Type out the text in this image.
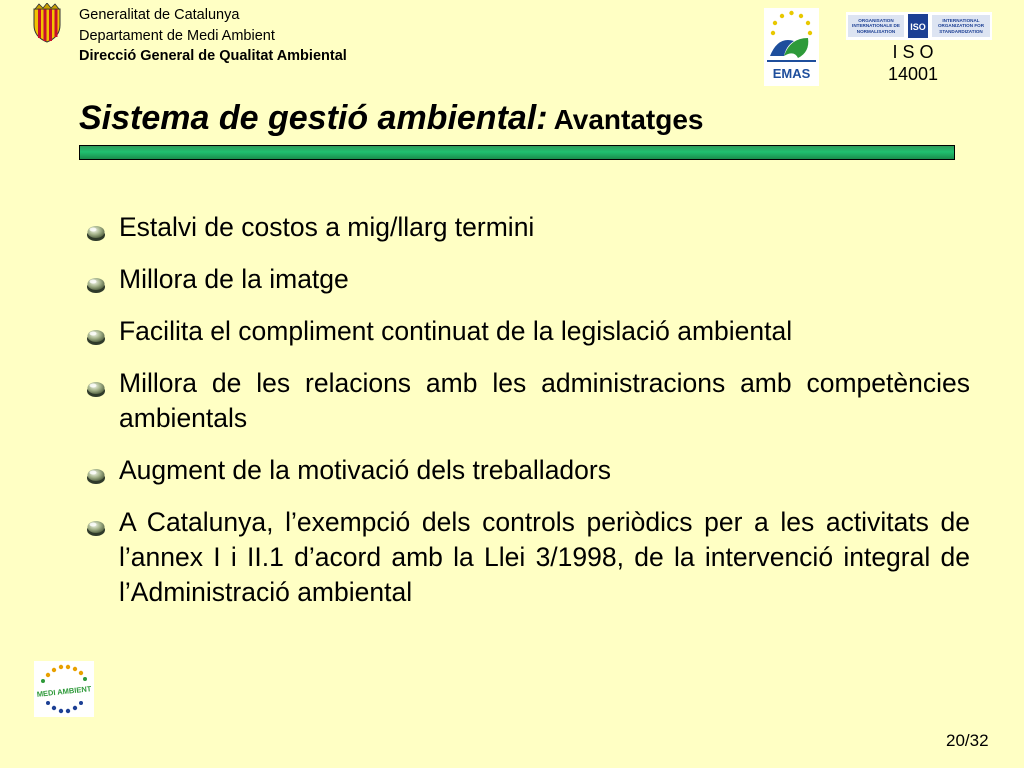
Generalitat de Catalunya
Departament de Medi Ambient
Direcció General de Qualitat Ambiental
EMAS
ORGANISATION INTERNATIONALE DE NORMALISATION	ISO
INTERNATIONAL ORGANIZATION FOR STANDARDIZATION
I S O
14001
Sistema de gestió ambiental: Avantatges
Estalvi de costos a mig/llarg termini
Millora de la imatge
Facilita el compliment continuat de la legislació ambiental
Millora de les relacions amb les administracions amb competències ambientals
Augment de la motivació dels treballadors
A Catalunya, l’exempció dels controls periòdics per a les activitats de l’annex I i II.1 d’acord amb la Llei 3/1998, de la intervenció integral de l’Administració ambiental
MEDI AMBIENT
20/32
